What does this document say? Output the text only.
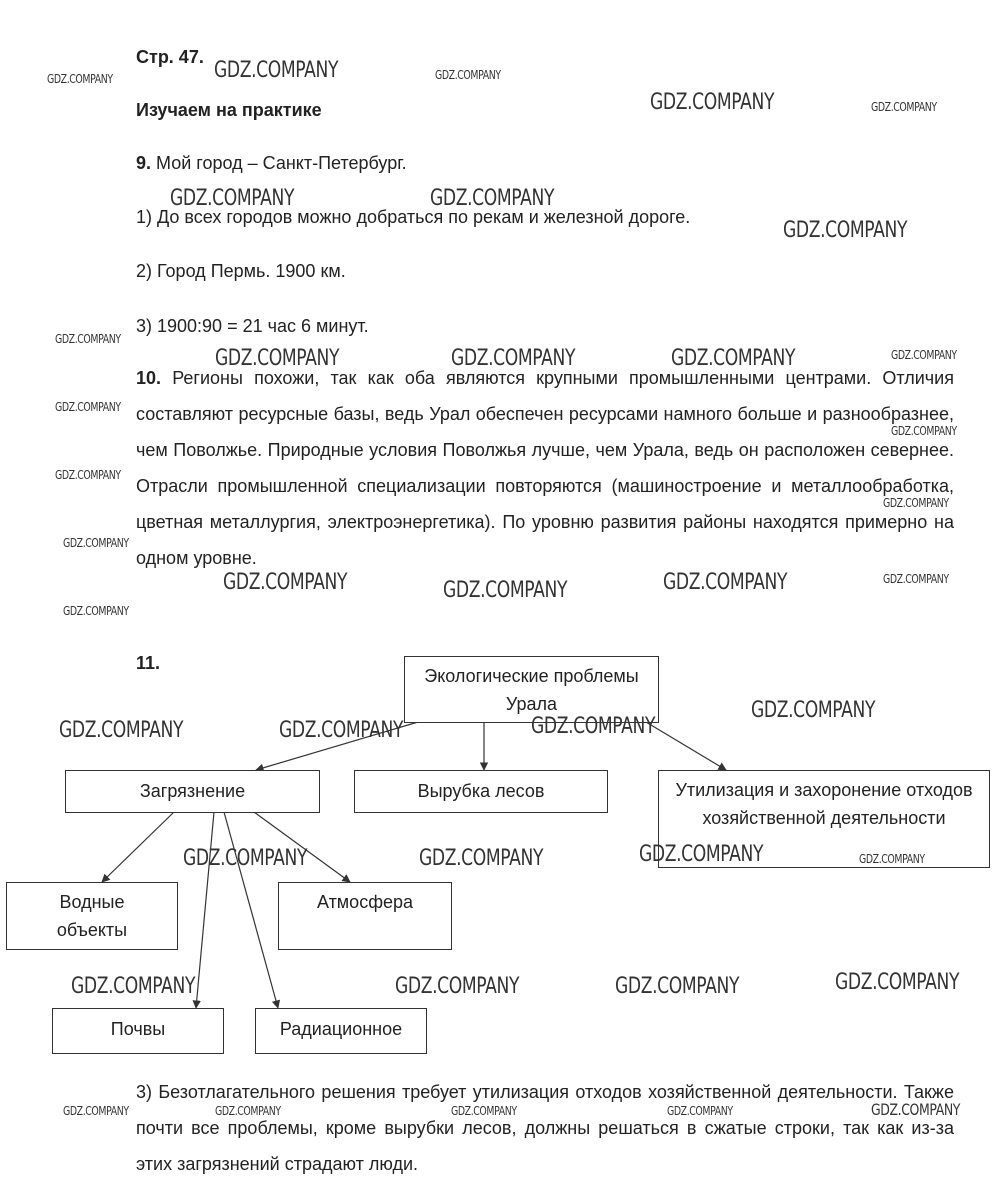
Стр. 47.
Изучаем на практике
9. Мой город – Санкт-Петербург.
1) До всех городов можно добраться по рекам и железной дороге.
2) Город Пермь. 1900 км.
3) 1900:90 = 21 час 6 минут.
10. Регионы похожи, так как оба являются крупными промышленными центрами. Отличия составляют ресурсные базы, ведь Урал обеспечен ресурсами намного больше и разнообразнее, чем Поволжье. Природные условия Поволжья лучше, чем Урала, ведь он расположен севернее. Отрасли промышленной специализации повторяются (машиностроение и металлообработка, цветная металлургия, электроэнергетика). По уровню развития районы находятся примерно на одном уровне.
11.
Экологические проблемы Урала
Загрязнение	Вырубка лесов	Утилизация и захоронение отходов хозяйственной деятельности
Водные объекты
Атмосфера
Почвы	Радиационное
3) Безотлагательного решения требует утилизация отходов хозяйственной деятельности. Также почти все проблемы, кроме вырубки лесов, должны решаться в сжатые строки, так как из-за этих загрязнений страдают люди.
GDZ.COMPANY
GDZ.COMPANY	GDZ.COMPANY
GDZ.COMPANY	GDZ.COMPANY
GDZ.COMPANY	GDZ.COMPANY
GDZ.COMPANY
GDZ.COMPANY
GDZ.COMPANY	GDZ.COMPANY	GDZ.COMPANY	GDZ.COMPANY
GDZ.COMPANY
GDZ.COMPANY
GDZ.COMPANY
GDZ.COMPANY
GDZ.COMPANY
GDZ.COMPANY	GDZ.COMPANY	GDZ.COMPANY	GDZ.COMPANY
GDZ.COMPANY
GDZ.COMPANY	GDZ.COMPANY	GDZ.COMPANY
GDZ.COMPANY
GDZ.COMPANY	GDZ.COMPANY	GDZ.COMPANY	GDZ.COMPANY
GDZ.COMPANY	GDZ.COMPANY	GDZ.COMPANY	GDZ.COMPANY
GDZ.COMPANY	GDZ.COMPANY	GDZ.COMPANY	GDZ.COMPANY	GDZ.COMPANY
